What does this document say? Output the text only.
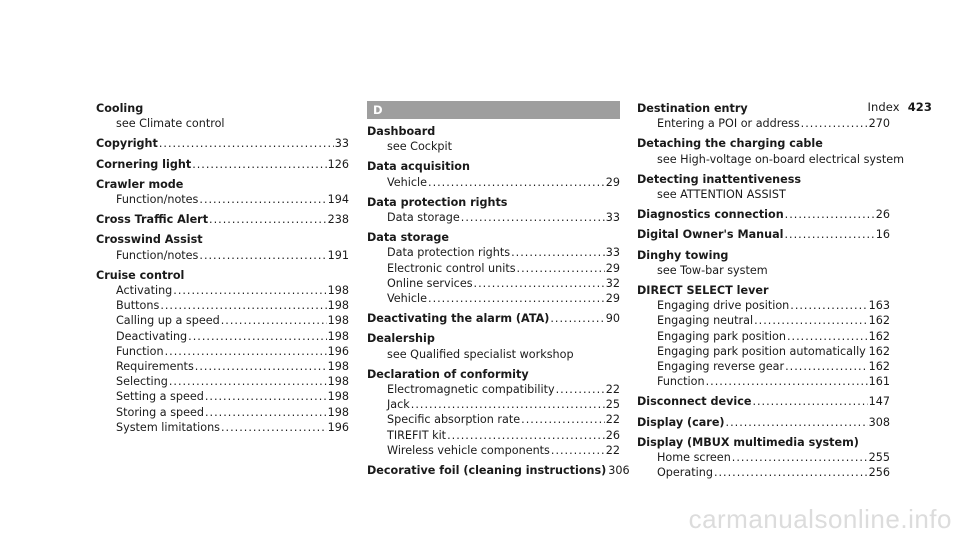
Index 423
Cooling
see Climate control
Copyright .....	33
Cornering light .....	126
Crawler mode
Function/notes .....	194
Cross Traffic Alert .....	238
Crosswind Assist
Function/notes .....	191
Cruise control
Activating .....	198
Buttons .....	198
Calling up a speed .....	198
Deactivating .....	198
Function .....	196
Requirements .....	198
Selecting .....	198
Setting a speed .....	198
Storing a speed .....	198
System limitations .....	196
D
Dashboard
see Cockpit
Data acquisition
Vehicle .....	29
Data protection rights
Data storage .....	33
Data storage
Data protection rights .....	33
Electronic control units .....	29
Online services .....	32
Vehicle .....	29
Deactivating the alarm (ATA) .....	90
Dealership
see Qualified specialist workshop
Declaration of conformity
Electromagnetic compatibility .....	22
Jack .....	25
Specific absorption rate .....	22
TIREFIT kit .....	26
Wireless vehicle components .....	22
Decorative foil (cleaning instructions) 306
Destination entry
Entering a POI or address .....	270
Detaching the charging cable
see High-voltage on-board electrical system
Detecting inattentiveness
see ATTENTION ASSIST
Diagnostics connection .....	26
Digital Owner's Manual .....	16
Dinghy towing
see Tow-bar system
DIRECT SELECT lever
Engaging drive position .....	163
Engaging neutral .....	162
Engaging park position .....	162
Engaging park position automatically ..... 162
Engaging reverse gear .....	162
Function .....	161
Disconnect device .....	147
Display (care) .....	308
Display (MBUX multimedia system)
Home screen .....	255
Operating .....	256
carmanualsonline.info
